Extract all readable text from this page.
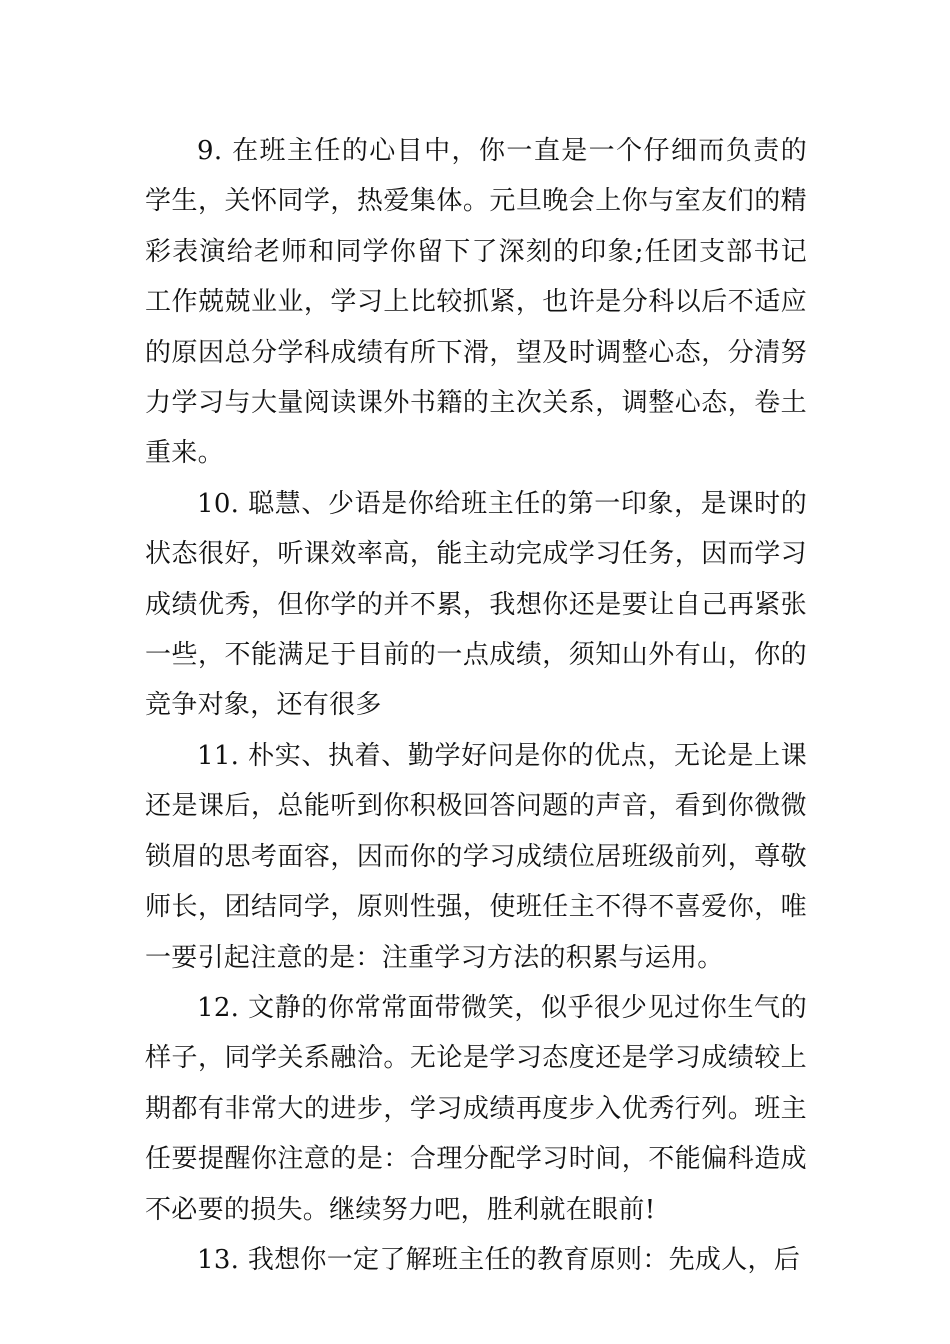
9. 在班主任的心目中，你一直是一个仔细而负责的学生，关怀同学，热爱集体。元旦晚会上你与室友们的精彩表演给老师和同学你留下了深刻的印象;任团支部书记工作兢兢业业，学习上比较抓紧，也许是分科以后不适应的原因总分学科成绩有所下滑，望及时调整心态，分清努力学习与大量阅读课外书籍的主次关系，调整心态，卷土重来。

10. 聪慧、少语是你给班主任的第一印象，是课时的状态很好，听课效率高，能主动完成学习任务，因而学习成绩优秀，但你学的并不累，我想你还是要让自己再紧张一些，不能满足于目前的一点成绩，须知山外有山，你的竞争对象，还有很多

11. 朴实、执着、勤学好问是你的优点，无论是上课还是课后，总能听到你积极回答问题的声音，看到你微微锁眉的思考面容，因而你的学习成绩位居班级前列，尊敬师长，团结同学，原则性强，使班任主不得不喜爱你，唯一要引起注意的是：注重学习方法的积累与运用。

12. 文静的你常常面带微笑，似乎很少见过你生气的样子，同学关系融洽。无论是学习态度还是学习成绩较上期都有非常大的进步，学习成绩再度步入优秀行列。班主任要提醒你注意的是：合理分配学习时间，不能偏科造成不必要的损失。继续努力吧，胜利就在眼前!

13. 我想你一定了解班主任的教育原则：先成人，后
